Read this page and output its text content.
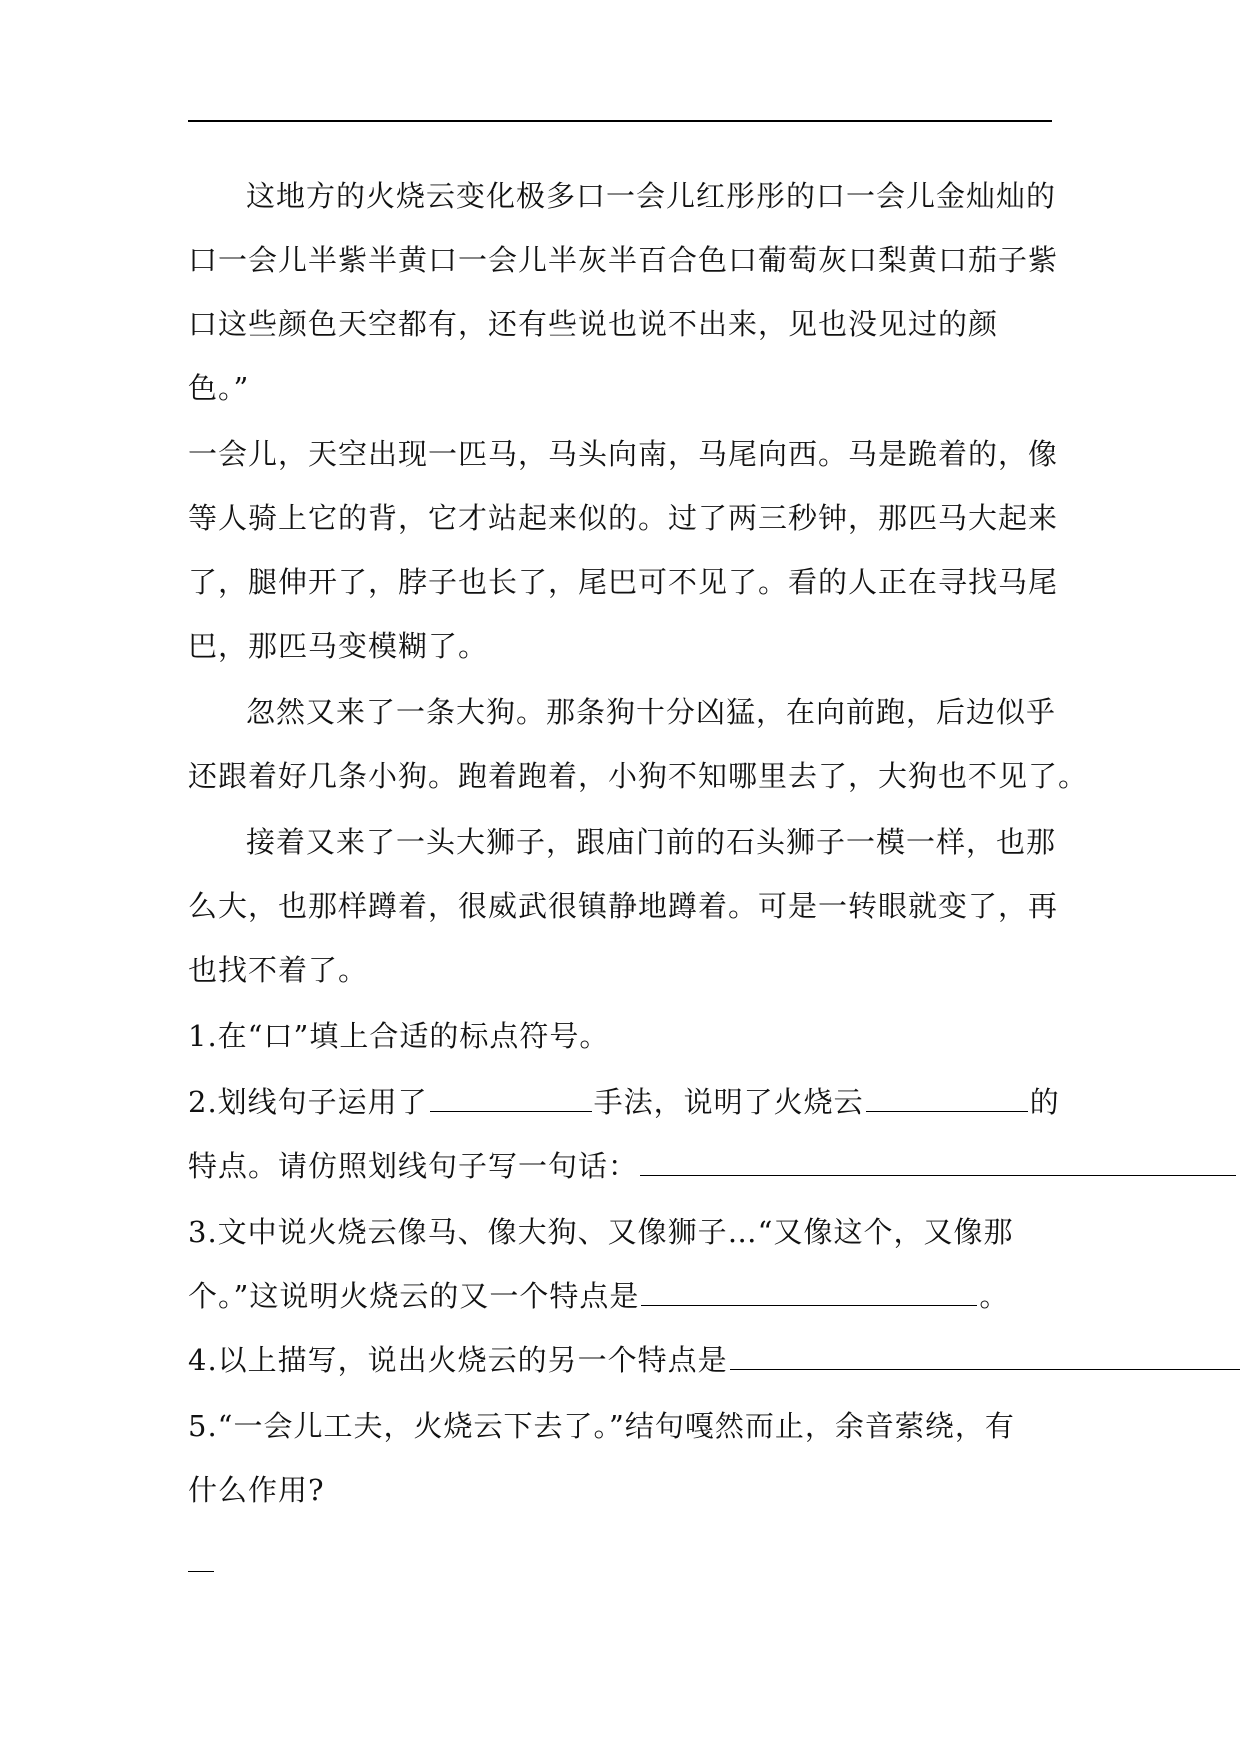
这地方的火烧云变化极多口一会儿红彤彤的口一会儿金灿灿的
口一会儿半紫半黄口一会儿半灰半百合色口葡萄灰口梨黄口茄子紫
口这些颜色天空都有，还有些说也说不出来，见也没见过的颜
色。”
一会儿，天空出现一匹马，马头向南，马尾向西。马是跪着的，像
等人骑上它的背，它才站起来似的。过了两三秒钟，那匹马大起来
了，腿伸开了，脖子也长了，尾巴可不见了。看的人正在寻找马尾
巴，那匹马变模糊了。
忽然又来了一条大狗。那条狗十分凶猛，在向前跑，后边似乎
还跟着好几条小狗。跑着跑着，小狗不知哪里去了，大狗也不见了。
接着又来了一头大狮子，跟庙门前的石头狮子一模一样，也那
么大，也那样蹲着，很威武很镇静地蹲着。可是一转眼就变了，再
也找不着了。
1.在“口”填上合适的标点符号。
2.划线句子运用了	手法，说明了火烧云	的
特点。请仿照划线句子写一句话：
3.文中说火烧云像马、像大狗、又像狮子…“又像这个，又像那
个。”这说明火烧云的又一个特点是	。
4.以上描写，说出火烧云的另一个特点是
5.“一会儿工夫，火烧云下去了。”结句嘎然而止，余音萦绕，有
什么作用?
